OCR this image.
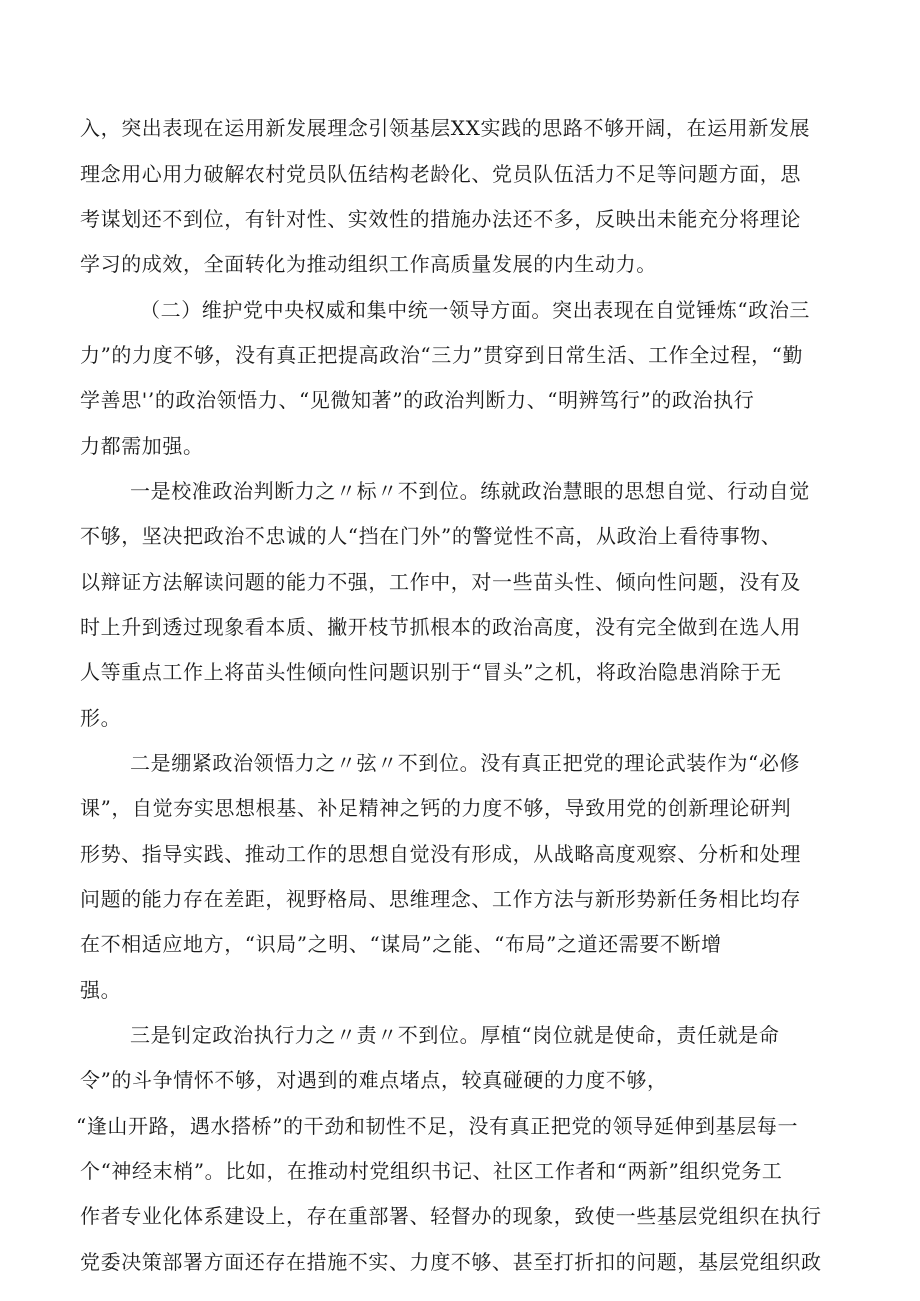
入，突出表现在运用新发展理念引领基层XX实践的思路不够开阔，在运用新发展

理念用心用力破解农村党员队伍结构老龄化、党员队伍活力不足等问题方面，思

考谋划还不到位，有针对性、实效性的措施办法还不多，反映出未能充分将理论

学习的成效，全面转化为推动组织工作高质量发展的内生动力。

（二）维护党中央权威和集中统一领导方面。突出表现在自觉锤炼“政治三

力”的力度不够，没有真正把提高政治“三力”贯穿到日常生活、工作全过程，“勤

学善思'’的政治领悟力、“见微知著”的政治判断力、“明辨笃行”的政治执行

力都需加强。

一是校准政治判断力之〃标〃不到位。练就政治慧眼的思想自觉、行动自觉

不够，坚决把政治不忠诚的人“挡在门外”的警觉性不高，从政治上看待事物、

以辩证方法解读问题的能力不强，工作中，对一些苗头性、倾向性问题，没有及

时上升到透过现象看本质、撇开枝节抓根本的政治高度，没有完全做到在选人用

人等重点工作上将苗头性倾向性问题识别于“冒头”之机，将政治隐患消除于无

形。

二是绷紧政治领悟力之〃弦〃不到位。没有真正把党的理论武装作为“必修

课”，自觉夯实思想根基、补足精神之钙的力度不够，导致用党的创新理论研判

形势、指导实践、推动工作的思想自觉没有形成，从战略高度观察、分析和处理

问题的能力存在差距，视野格局、思维理念、工作方法与新形势新任务相比均存

在不相适应地方，“识局”之明、“谋局”之能、“布局”之道还需要不断增

强。

三是钊定政治执行力之〃责〃不到位。厚植“岗位就是使命，责任就是命

令”的斗争情怀不够，对遇到的难点堵点，较真碰硬的力度不够，

“逢山开路，遇水搭桥”的干劲和韧性不足，没有真正把党的领导延伸到基层每一

个“神经末梢”。比如，在推动村党组织书记、社区工作者和“两新”组织党务工

作者专业化体系建设上，存在重部署、轻督办的现象，致使一些基层党组织在执行

党委决策部署方面还存在措施不实、力度不够、甚至打折扣的问题，基层党组织政
